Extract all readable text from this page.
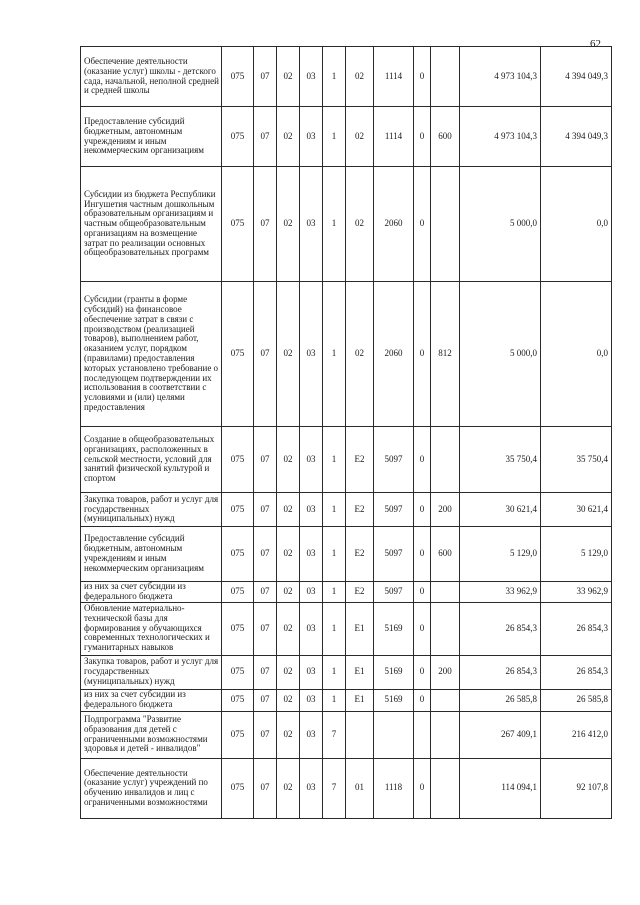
62
Обеспечение деятельности (оказание услуг) школы - детского сада, начальной, неполной средней и средней школы	075	07	02	03	1	02	1114	0		4 973 104,3	4 394 049,3
Предоставление субсидий бюджетным, автономным учреждениям и иным некоммерческим организациям	075	07	02	03	1	02	1114	0	600	4 973 104,3	4 394 049,3
Субсидии из бюджета Республики Ингушетия частным дошкольным образовательным организациям и частным общеобразовательным организациям на возмещение затрат по реализации основных общеобразовательных программ	075	07	02	03	1	02	2060	0		5 000,0	0,0
Субсидии (гранты в форме субсидий) на финансовое обеспечение затрат в связи с производством (реализацией товаров), выполнением работ, оказанием услуг, порядком (правилами) предоставления которых установлено требование о последующем подтверждении их использования в соответствии с условиями и (или) целями предоставления	075	07	02	03	1	02	2060	0	812	5 000,0	0,0
Создание в общеобразовательных организациях, расположенных в сельской местности, условий для занятий физической культурой и спортом	075	07	02	03	1	E2	5097	0		35 750,4	35 750,4
Закупка товаров, работ и услуг для государственных (муниципальных) нужд	075	07	02	03	1	E2	5097	0	200	30 621,4	30 621,4
Предоставление субсидий бюджетным, автономным учреждениям и иным некоммерческим организациям	075	07	02	03	1	E2	5097	0	600	5 129,0	5 129,0
из них за счет субсидии из федерального бюджета	075	07	02	03	1	E2	5097	0		33 962,9	33 962,9
Обновление материально-технической базы для формирования у обучающихся современных технологических и гуманитарных навыков	075	07	02	03	1	E1	5169	0		26 854,3	26 854,3
Закупка товаров, работ и услуг для государственных (муниципальных) нужд	075	07	02	03	1	E1	5169	0	200	26 854,3	26 854,3
из них за счет субсидии из федерального бюджета	075	07	02	03	1	E1	5169	0		26 585,8	26 585,8
Подпрограмма "Развитие образования для детей с ограниченными возможностями здоровья и детей - инвалидов"	075	07	02	03	7					267 409,1	216 412,0
Обеспечение деятельности (оказание услуг) учреждений по обучению инвалидов и лиц с ограниченными возможностями	075	07	02	03	7	01	1118	0		114 094,1	92 107,8
